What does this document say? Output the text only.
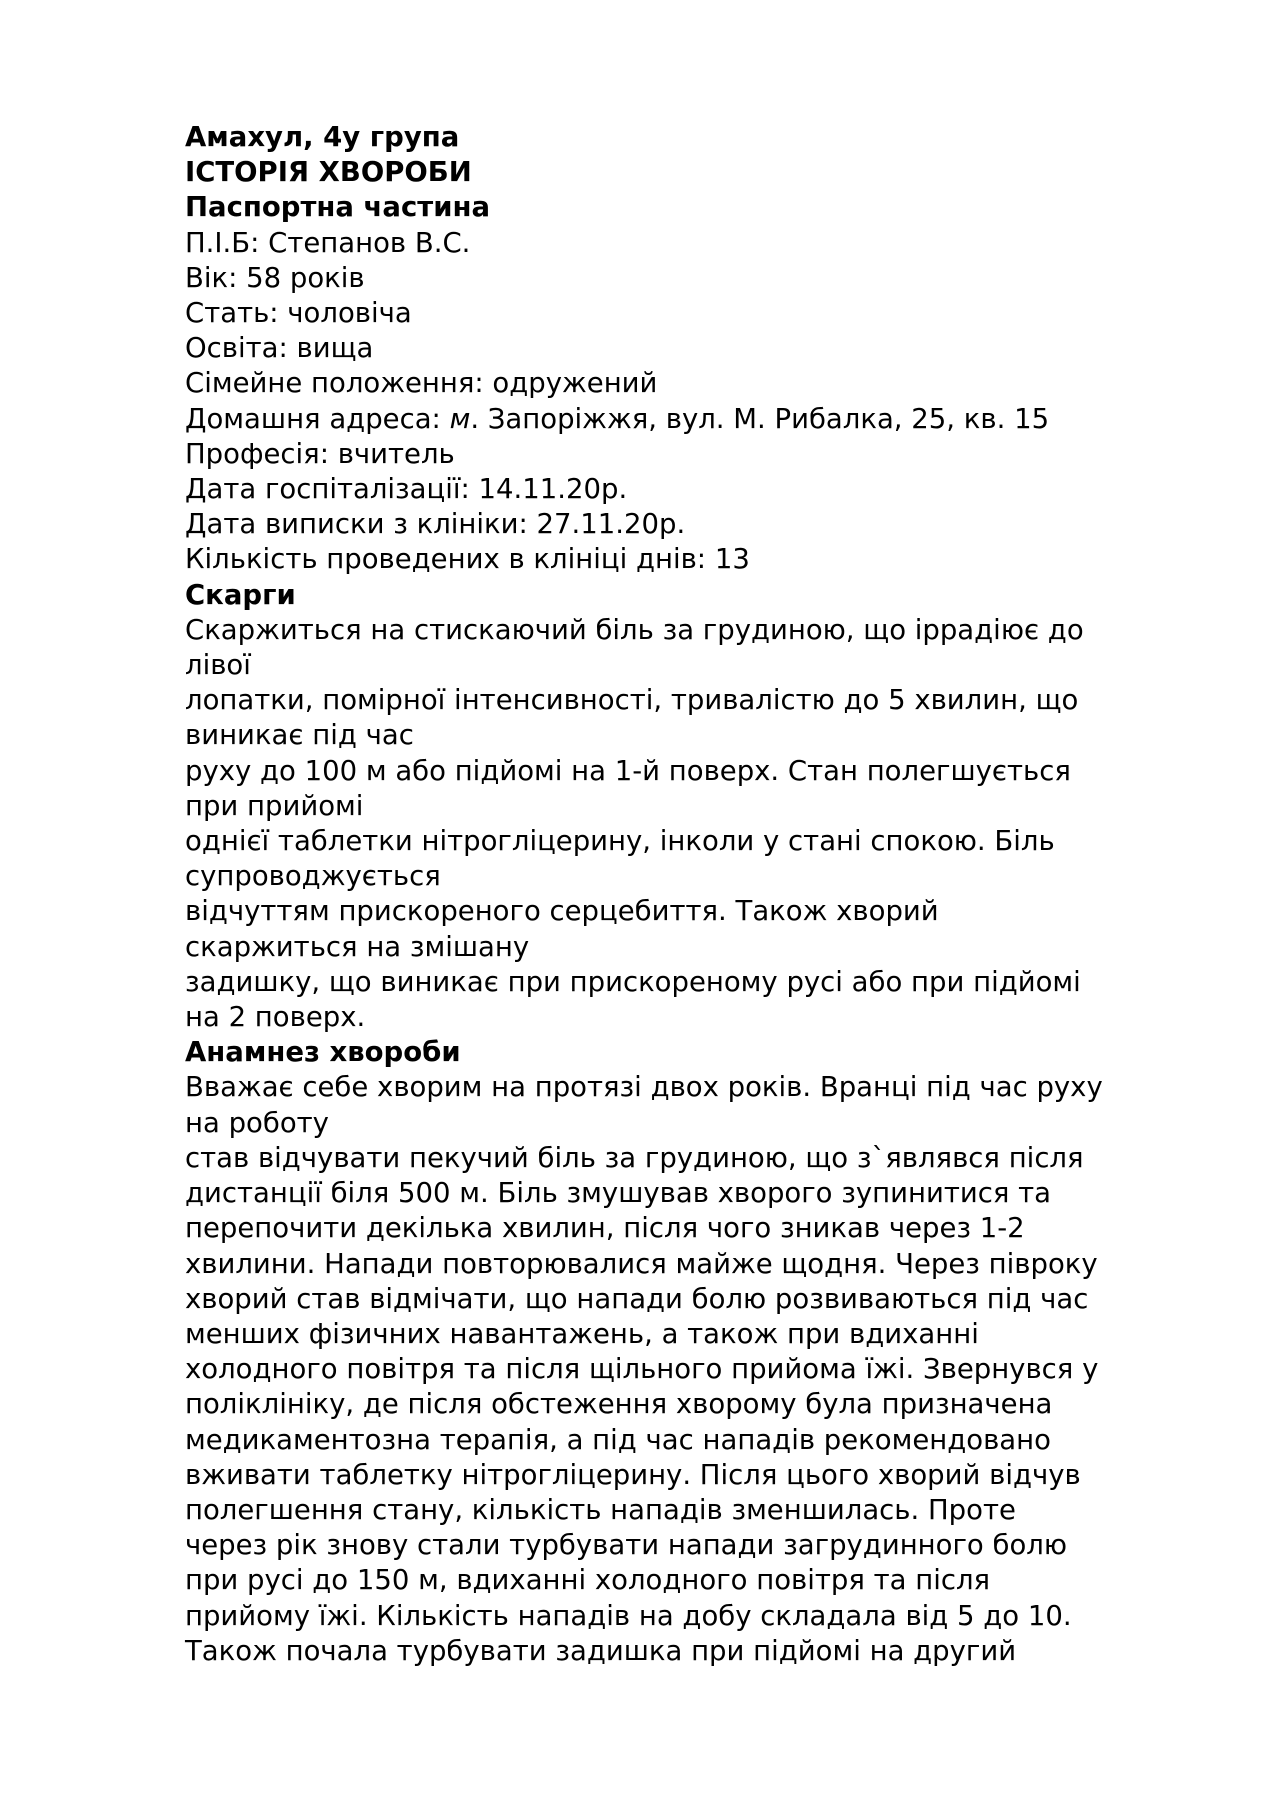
Амахул, 4у група
ІСТОРІЯ ХВОРОБИ
Паспортна частина
П.І.Б: Степанов В.С.
Вік: 58 років
Стать: чоловіча
Освіта: вища
Сімейне положення: одружений
Домашня адреса: м. Запоріжжя, вул. М. Рибалка, 25, кв. 15
Професія: вчитель
Дата госпіталізації: 14.11.20р.
Дата виписки з клініки: 27.11.20р.
Кількість проведених в клініці днів: 13
Скарги
Скаржиться на стискаючий біль за грудиною, що іррадіює до
лівої
лопатки, помірної інтенсивності, тривалістю до 5 хвилин, що
виникає під час
руху до 100 м або підйомі на 1-й поверх. Стан полегшується
при прийомі
однієї таблетки нітрогліцерину, інколи у стані спокою. Біль
супроводжується
відчуттям прискореного серцебиття. Також хворий
скаржиться на змішану
задишку, що виникає при прискореному русі або при підйомі
на 2 поверх.
Анамнез хвороби
Вважає себе хворим на протязі двох років. Вранці під час руху
на роботу
став відчувати пекучий біль за грудиною, що з`являвся після
дистанції біля 500 м. Біль змушував хворого зупинитися та
перепочити декілька хвилин, після чого зникав через 1-2
хвилини. Напади повторювалися майже щодня. Через півроку
хворий став відмічати, що напади болю розвиваються під час
менших фізичних навантажень, а також при вдиханні
холодного повітря та після щільного прийома їжі. Звернувся у
поліклініку, де після обстеження хворому була призначена
медикаментозна терапія, а під час нападів рекомендовано
вживати таблетку нітрогліцерину. Після цього хворий відчув
полегшення стану, кількість нападів зменшилась. Проте
через рік знову стали турбувати напади загрудинного болю
при русі до 150 м, вдиханні холодного повітря та після
прийому їжі. Кількість нападів на добу складала від 5 до 10.
Також почала турбувати задишка при підйомі на другий
